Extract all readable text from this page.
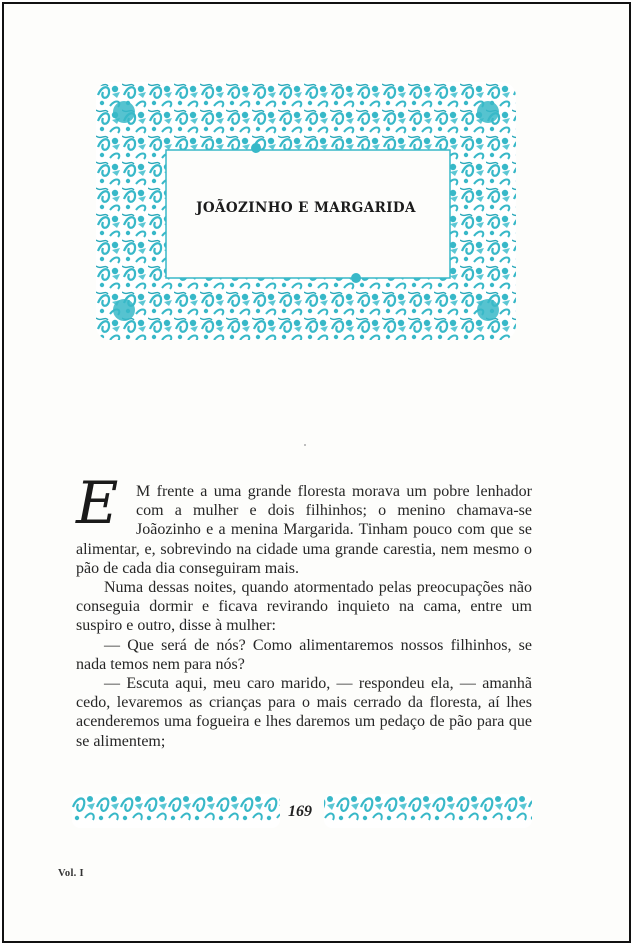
JOÃOZINHO E MARGARIDA

E	M frente a uma grande floresta morava um pobre lenhador com a mulher e dois filhinhos; o menino chamava-se Joãozinho e a menina Margarida. Tinham pouco com que se alimentar, e, sobrevindo na cidade uma grande carestia, nem mesmo o pão de cada dia conseguiram mais.

Numa dessas noites, quando atormentado pelas preocupações não conseguia dormir e ficava revirando inquieto na cama, entre um suspiro e outro, disse à mulher:

— Que será de nós? Como alimentaremos nossos filhinhos, se nada temos nem para nós?

— Escuta aqui, meu caro marido, — respondeu ela, — amanhã cedo, levaremos as crianças para o mais cerrado da floresta, aí lhes acenderemos uma fogueira e lhes daremos um pedaço de pão para que se alimentem;

169
Vol. I
